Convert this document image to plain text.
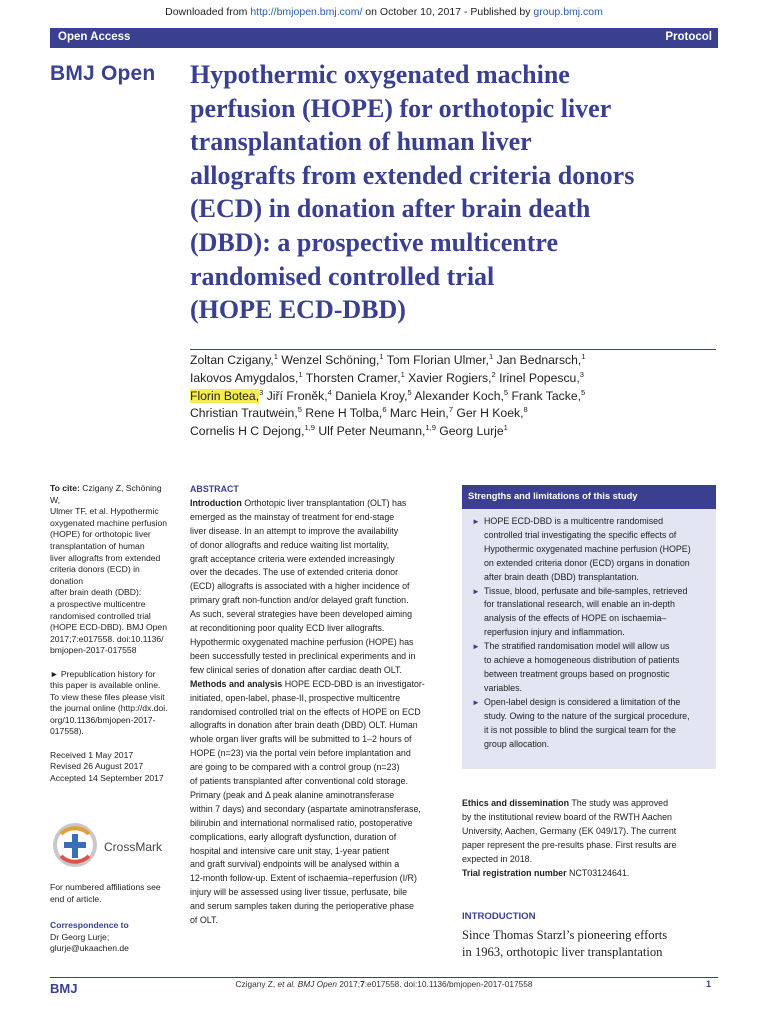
Downloaded from http://bmjopen.bmj.com/ on October 10, 2017 - Published by group.bmj.com
Open Access	Protocol
BMJ Open Hypothermic oxygenated machine
perfusion (HOPE) for orthotopic liver
transplantation of human liver
allografts from extended criteria donors
(ECD) in donation after brain death
(DBD): a prospective multicentre
randomised controlled trial
(HOPE ECD-DBD)
Zoltan Czigany,$^1$ Wenzel Schöning,$^1$ Tom Florian Ulmer,$^1$ Jan Bednarsch,$^1$
Iakovos Amygdalos,$^1$ Thorsten Cramer,$^1$ Xavier Rogiers,$^2$ Irinel Popescu,$^3$
Florin Botea,$^3$ Jiří Froněk,$^4$ Daniela Kroy,$^5$ Alexander Koch,$^5$ Frank Tacke,$^5$
Christian Trautwein,$^5$ Rene H Tolba,$^6$ Marc Hein,$^7$ Ger H Koek,$^8$
Cornelis H C Dejong,$^{1,9}$ Ulf Peter Neumann,$^{1,9}$ Georg Lurje$^1$

To cite: Czigany Z, Schöning W,

Ulmer TF, et al. Hypothermic

oxygenated machine perfusion

(HOPE) for orthotopic liver

transplantation of human

liver allografts from extended

criteria donors (ECD) in donation

after brain death (DBD):

a prospective multicentre

randomised controlled trial

(HOPE ECD-DBD). BMJ Open

2017;7:e017558. doi:10.1136/

bmjopen-2017-017558

► Prepublication history for

this paper is available online.

To view these files please visit

the journal online (http://dx.doi.

org/10.1136/bmjopen-2017-

017558).

Received 1 May 2017

Revised 26 August 2017

Accepted 14 September 2017

CrossMark

For numbered affiliations see

end of article.

Correspondence to

Dr Georg Lurje;

glurje@ukaachen.de

ABSTRACT
Introduction Orthotopic liver transplantation (OLT) has
emerged as the mainstay of treatment for end-stage
liver disease. In an attempt to improve the availability
of donor allografts and reduce waiting list mortality,
graft acceptance criteria were extended increasingly
over the decades. The use of extended criteria donor
(ECD) allografts is associated with a higher incidence of
primary graft non-function and/or delayed graft function.
As such, several strategies have been developed aiming
at reconditioning poor quality ECD liver allografts.
Hypothermic oxygenated machine perfusion (HOPE) has
been successfully tested in preclinical experiments and in
few clinical series of donation after cardiac death OLT.
Methods and analysis HOPE ECD-DBD is an investigator-
initiated, open-label, phase-II, prospective multicentre
randomised controlled trial on the effects of HOPE on ECD
allografts in donation after brain death (DBD) OLT. Human
whole organ liver grafts will be submitted to 1–2 hours of
HOPE (n=23) via the portal vein before implantation and
are going to be compared with a control group (n=23)
of patients transplanted after conventional cold storage.
Primary (peak and Δ peak alanine aminotransferase
within 7 days) and secondary (aspartate aminotransferase,
bilirubin and international normalised ratio, postoperative
complications, early allograft dysfunction, duration of
hospital and intensive care unit stay, 1-year patient
and graft survival) endpoints will be analysed within a
12-month follow-up. Extent of ischaemia–reperfusion (I/R)
injury will be assessed using liver tissue, perfusate, bile
and serum samples taken during the perioperative phase
of OLT.
Strengths and limitations of this study
► HOPE ECD-DBD is a multicentre randomised
controlled trial investigating the specific effects of
Hypothermic oxygenated machine perfusion (HOPE)
on extended criteria donor (ECD) organs in donation
after brain death (DBD) transplantation.
► Tissue, blood, perfusate and bile-samples, retrieved
for translational research, will enable an in-depth
analysis of the effects of HOPE on ischaemia–
reperfusion injury and inflammation.
► The stratified randomisation model will allow us
to achieve a homogeneous distribution of patients
between treatment groups based on prognostic
variables.
► Open-label design is considered a limitation of the
study. Owing to the nature of the surgical procedure,
it is not possible to blind the surgical team for the
group allocation.
Ethics and dissemination The study was approved
by the institutional review board of the RWTH Aachen
University, Aachen, Germany (EK 049/17). The current
paper represent the pre-results phase. First results are
expected in 2018.
Trial registration number NCT03124641.
INTRODUCTION
Since Thomas Starzl’s pioneering efforts
in 1963, orthotopic liver transplantation
BMJ	Czigany Z, et al. BMJ Open 2017;7:e017558. doi:10.1136/bmjopen-2017-017558	1
